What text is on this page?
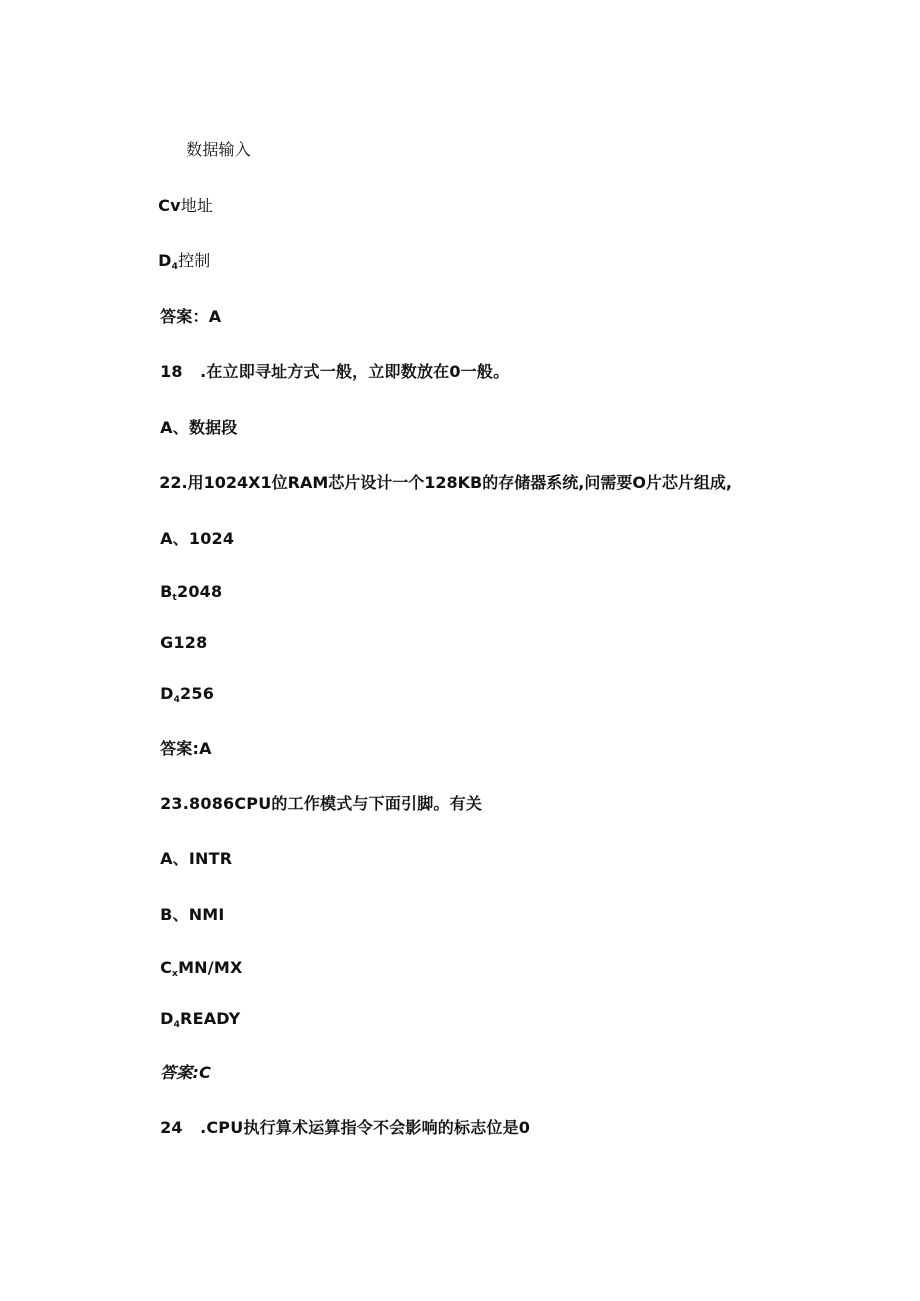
数据输入

Cv地址

$D_4$控制

答案：A

18   .在立即寻址方式一般，立即数放在0一般。

A、数据段

22.用1024X1位RAM芯片设计一个128KB的存储器系统,问需要O片芯片组成,

A、1024

$B_t2048$

G128

$D_4256$

答案:A

23.8086CPU的工作模式与下面引脚。有关

A、INTR

B、NMI

$C_xMN/MX$

$D_4READY$

答案:C

24   .CPU执行算术运算指令不会影响的标志位是0
